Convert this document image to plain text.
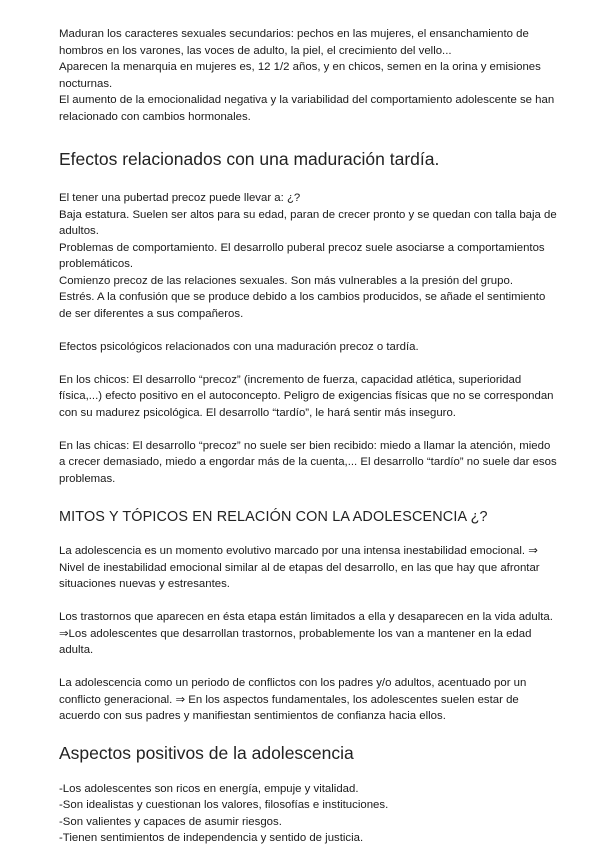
Maduran los caracteres sexuales secundarios: pechos en las mujeres, el ensanchamiento de hombros en los varones, las voces de adulto, la piel, el crecimiento del vello...

Aparecen la menarquia en mujeres es, 12 1/2 años, y en chicos, semen en la orina y emisiones nocturnas.

El aumento de la emocionalidad negativa y la variabilidad del comportamiento adolescente se han relacionado con cambios hormonales.

Efectos relacionados con una maduración tardía.

El tener una pubertad precoz puede llevar a: ¿?

Baja estatura. Suelen ser altos para su edad, paran de crecer pronto y se quedan con talla baja de adultos.

Problemas de comportamiento. El desarrollo puberal precoz suele asociarse a comportamientos problemáticos.

Comienzo precoz de las relaciones sexuales. Son más vulnerables a la presión del grupo.

Estrés. A la confusión que se produce debido a los cambios producidos, se añade el sentimiento de ser diferentes a sus compañeros.

Efectos psicológicos relacionados con una maduración precoz o tardía.

En los chicos: El desarrollo “precoz” (incremento de fuerza, capacidad atlética, superioridad física,...) efecto positivo en el autoconcepto. Peligro de exigencias físicas que no se correspondan con su madurez psicológica. El desarrollo “tardío”, le hará sentir más inseguro.

En las chicas: El desarrollo “precoz” no suele ser bien recibido: miedo a llamar la atención, miedo a crecer demasiado, miedo a engordar más de la cuenta,... El desarrollo “tardío” no suele dar esos problemas.

MITOS Y TÓPICOS EN RELACIÓN CON LA ADOLESCENCIA ¿?

La adolescencia es un momento evolutivo marcado por una intensa inestabilidad emocional. ⇒ Nivel de inestabilidad emocional similar al de etapas del desarrollo, en las que hay que afrontar situaciones nuevas y estresantes.

Los trastornos que aparecen en ésta etapa están limitados a ella y desaparecen en la vida adulta. ⇒Los adolescentes que desarrollan trastornos, probablemente los van a mantener en la edad adulta.

La adolescencia como un periodo de conflictos con los padres y/o adultos, acentuado por un conflicto generacional. ⇒ En los aspectos fundamentales, los adolescentes suelen estar de acuerdo con sus padres y manifiestan sentimientos de confianza hacia ellos.

Aspectos positivos de la adolescencia

-Los adolescentes son ricos en energía, empuje y vitalidad.

-Son idealistas y cuestionan los valores, filosofías e instituciones.

-Son valientes y capaces de asumir riesgos.

-Tienen sentimientos de independencia y sentido de justicia.
